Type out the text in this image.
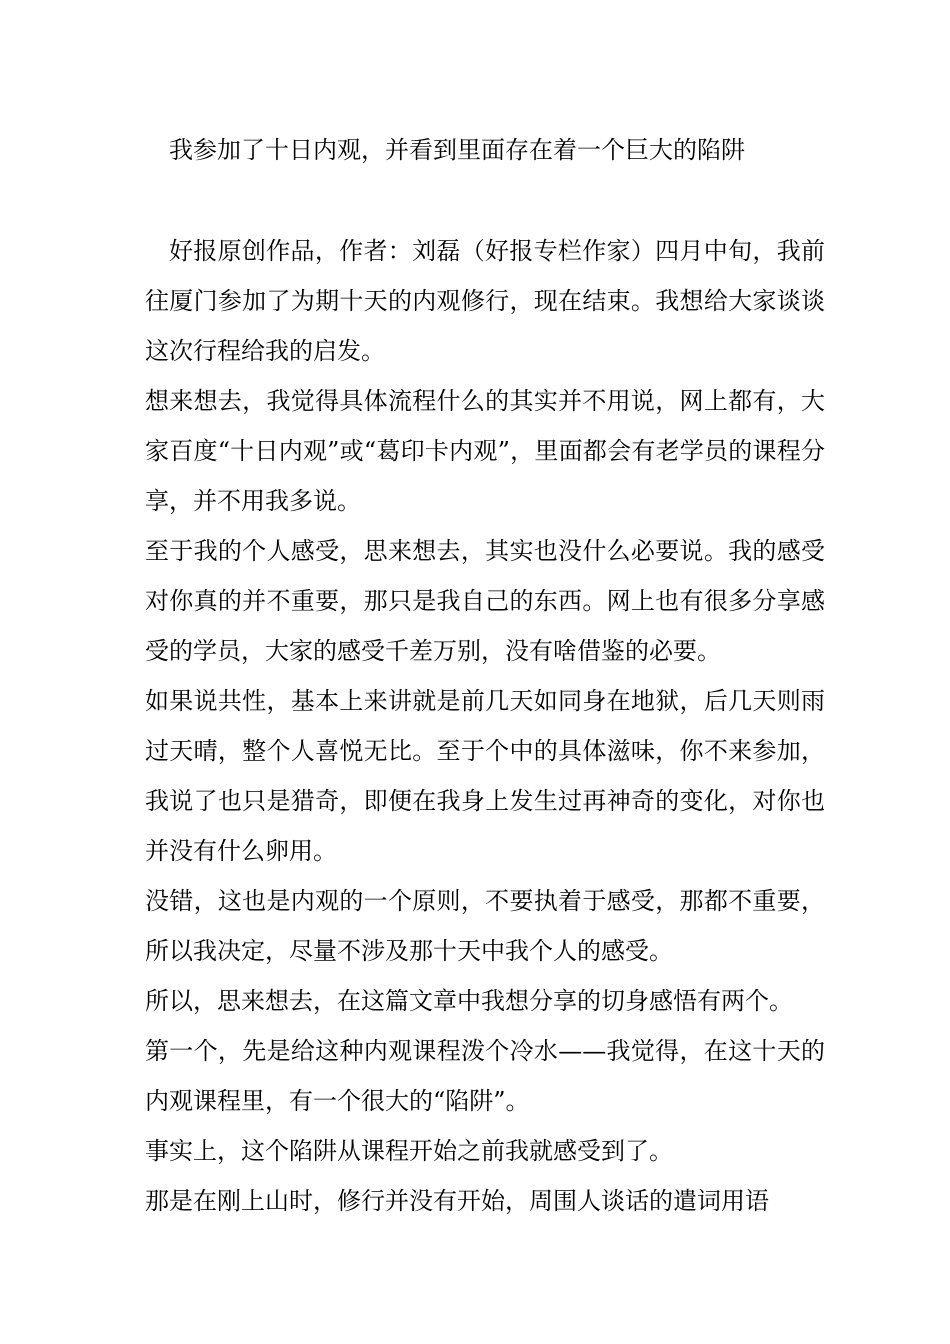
我参加了十日内观，并看到里面存在着一个巨大的陷阱

好报原创作品，作者：刘磊（好报专栏作家）四月中旬，我前往厦门参加了为期十天的内观修行，现在结束。我想给大家谈谈这次行程给我的启发。

想来想去，我觉得具体流程什么的其实并不用说，网上都有，大家百度“十日内观”或“葛印卡内观”，里面都会有老学员的课程分享，并不用我多说。

至于我的个人感受，思来想去，其实也没什么必要说。我的感受对你真的并不重要，那只是我自己的东西。网上也有很多分享感受的学员，大家的感受千差万别，没有啥借鉴的必要。

如果说共性，基本上来讲就是前几天如同身在地狱，后几天则雨过天晴，整个人喜悦无比。至于个中的具体滋味，你不来参加，我说了也只是猎奇，即便在我身上发生过再神奇的变化，对你也并没有什么卵用。

没错，这也是内观的一个原则，不要执着于感受，那都不重要，所以我决定，尽量不涉及那十天中我个人的感受。

所以，思来想去，在这篇文章中我想分享的切身感悟有两个。

第一个，先是给这种内观课程泼个冷水——我觉得，在这十天的内观课程里，有一个很大的“陷阱”。

事实上，这个陷阱从课程开始之前我就感受到了。

那是在刚上山时，修行并没有开始，周围人谈话的遣词用语
